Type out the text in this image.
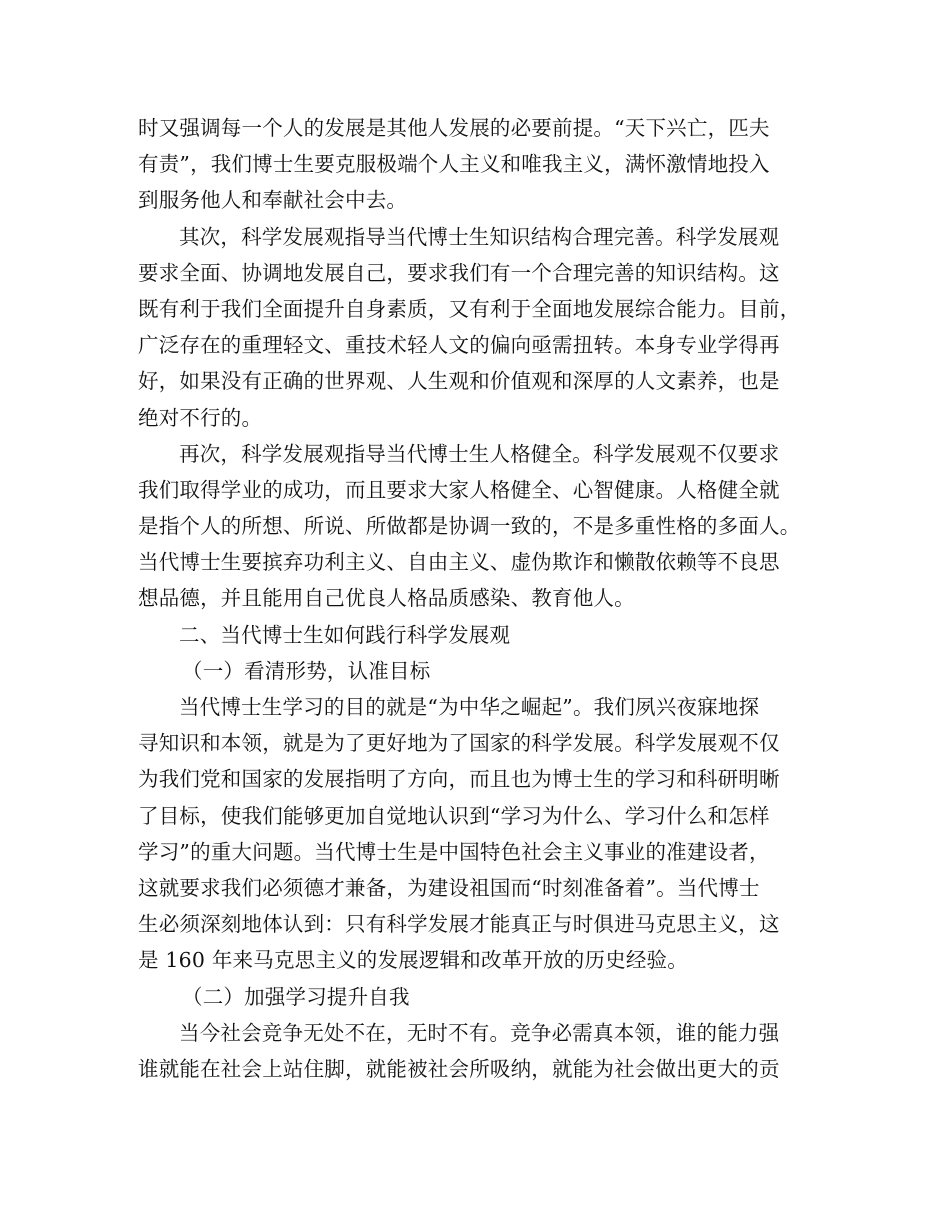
时又强调每一个人的发展是其他人发展的必要前提。“天下兴亡，匹夫
有责”，我们博士生要克服极端个人主义和唯我主义，满怀激情地投入
到服务他人和奉献社会中去。
其次，科学发展观指导当代博士生知识结构合理完善。科学发展观
要求全面、协调地发展自己，要求我们有一个合理完善的知识结构。这
既有利于我们全面提升自身素质，又有利于全面地发展综合能力。目前，
广泛存在的重理轻文、重技术轻人文的偏向亟需扭转。本身专业学得再
好，如果没有正确的世界观、人生观和价值观和深厚的人文素养，也是
绝对不行的。
再次，科学发展观指导当代博士生人格健全。科学发展观不仅要求
我们取得学业的成功，而且要求大家人格健全、心智健康。人格健全就
是指个人的所想、所说、所做都是协调一致的，不是多重性格的多面人。
当代博士生要摈弃功利主义、自由主义、虚伪欺诈和懒散依赖等不良思
想品德，并且能用自己优良人格品质感染、教育他人。
二、当代博士生如何践行科学发展观
（一）看清形势，认准目标
当代博士生学习的目的就是“为中华之崛起”。我们夙兴夜寐地探
寻知识和本领，就是为了更好地为了国家的科学发展。科学发展观不仅
为我们党和国家的发展指明了方向，而且也为博士生的学习和科研明晰
了目标，使我们能够更加自觉地认识到“学习为什么、学习什么和怎样
学习”的重大问题。当代博士生是中国特色社会主义事业的准建设者，
这就要求我们必须德才兼备，为建设祖国而“时刻准备着”。当代博士
生必须深刻地体认到：只有科学发展才能真正与时俱进马克思主义，这
是 160 年来马克思主义的发展逻辑和改革开放的历史经验。
（二）加强学习提升自我
当今社会竞争无处不在，无时不有。竞争必需真本领，谁的能力强
谁就能在社会上站住脚，就能被社会所吸纳，就能为社会做出更大的贡
